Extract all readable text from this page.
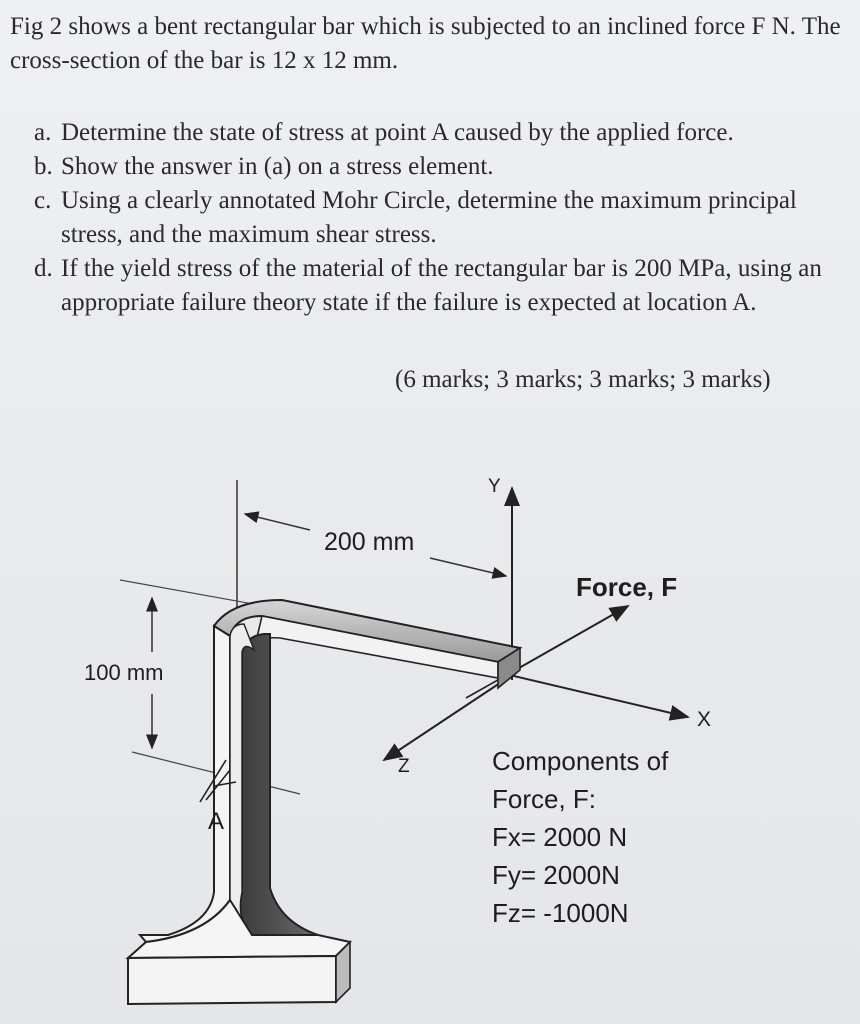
Fig 2 shows a bent rectangular bar which is subjected to an inclined force F N. The cross-section of the bar is 12 x 12 mm.
a. Determine the state of stress at point A caused by the applied force.
b. Show the answer in (a) on a stress element.
c. Using a clearly annotated Mohr Circle, determine the maximum principal stress, and the maximum shear stress.
d. If the yield stress of the material of the rectangular bar is 200 MPa, using an appropriate failure theory state if the failure is expected at location A.
(6 marks; 3 marks; 3 marks; 3 marks)
200 mm
100 mm
Y
X
Z
A
Force, F
Components of
Force, F:
Fx= 2000 N
Fy= 2000N
Fz= -1000N
